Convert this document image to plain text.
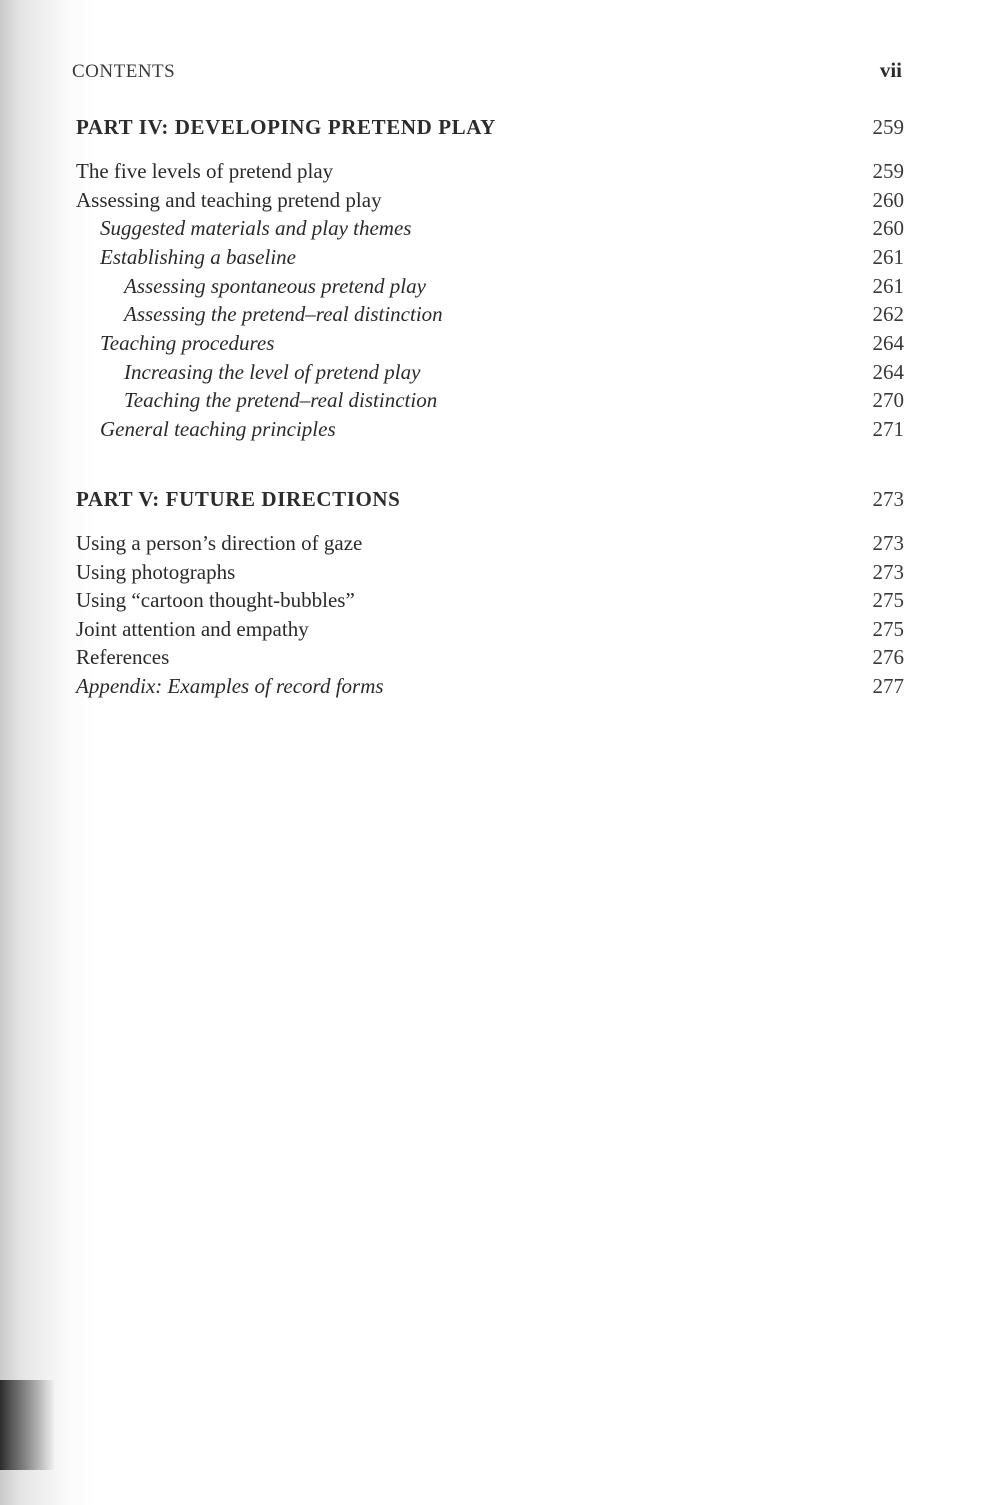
CONTENTS	vii
PART IV: DEVELOPING PRETEND PLAY	259
The five levels of pretend play	259
Assessing and teaching pretend play	260
Suggested materials and play themes	260
Establishing a baseline	261
Assessing spontaneous pretend play	261
Assessing the pretend–real distinction	262
Teaching procedures	264
Increasing the level of pretend play	264
Teaching the pretend–real distinction	270
General teaching principles	271
PART V: FUTURE DIRECTIONS	273
Using a person’s direction of gaze	273
Using photographs	273
Using “cartoon thought-bubbles”	275
Joint attention and empathy	275
References	276
Appendix: Examples of record forms	277
